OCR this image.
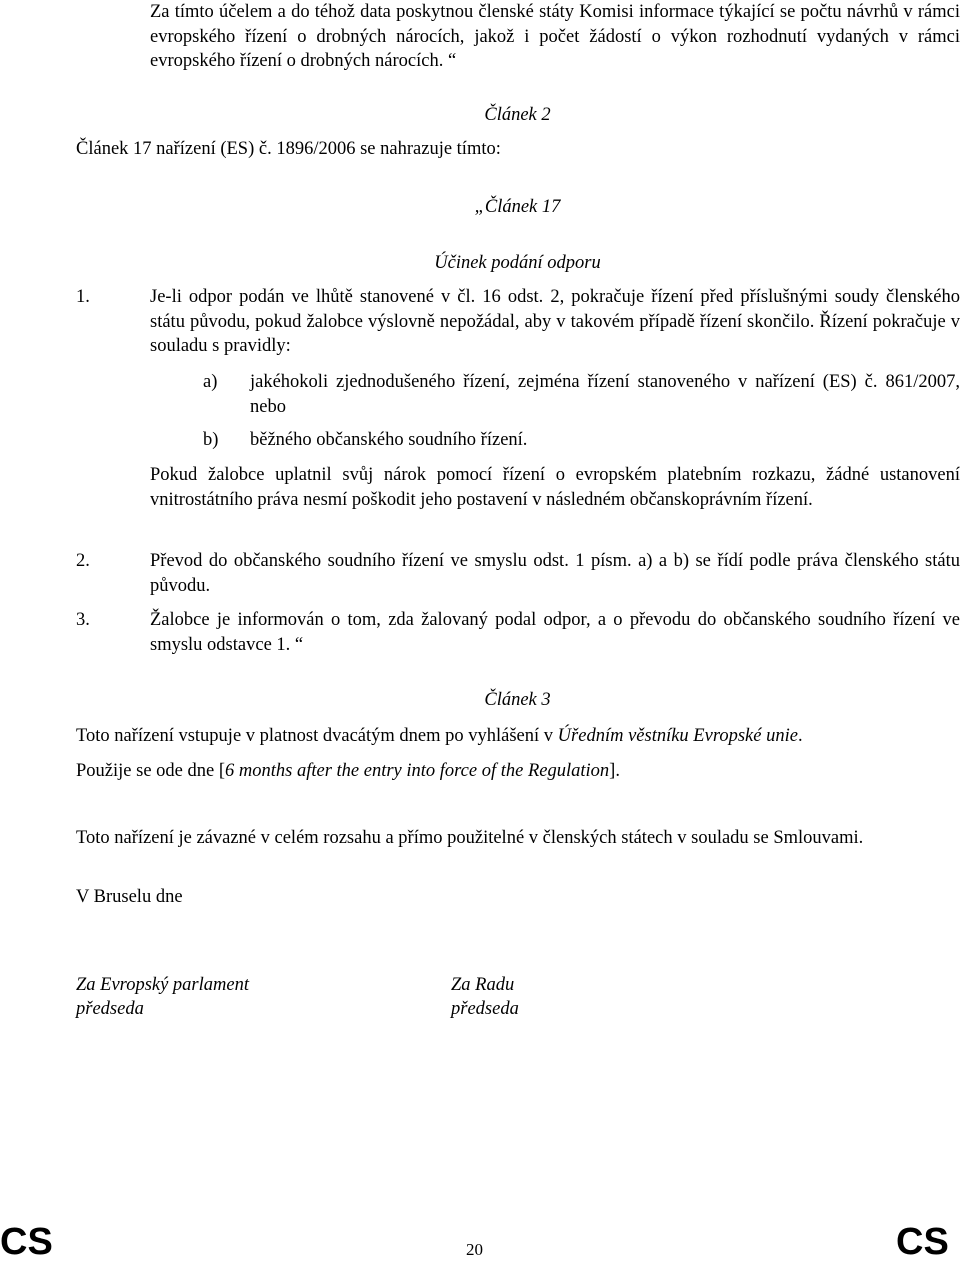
Za tímto účelem a do téhož data poskytnou členské státy Komisi informace týkající se počtu návrhů v rámci evropského řízení o drobných nárocích, jakož i počet žádostí o výkon rozhodnutí vydaných v rámci evropského řízení o drobných nárocích. “
Článek 2
Článek 17 nařízení (ES) č. 1896/2006 se nahrazuje tímto:
„Článek 17
Účinek podání odporu
1.	Je-li odpor podán ve lhůtě stanovené v čl. 16 odst. 2, pokračuje řízení před příslušnými soudy členského státu původu, pokud žalobce výslovně nepožádal, aby v takovém případě řízení skončilo. Řízení pokračuje v souladu s pravidly:
a) jakéhokoli zjednodušeného řízení, zejména řízení stanoveného v nařízení (ES) č. 861/2007, nebo
b) běžného občanského soudního řízení.
Pokud žalobce uplatnil svůj nárok pomocí řízení o evropském platebním rozkazu, žádné ustanovení vnitrostátního práva nesmí poškodit jeho postavení v následném občanskoprávním řízení.
2.	Převod do občanského soudního řízení ve smyslu odst. 1 písm. a) a b) se řídí podle práva členského státu původu.
3.	Žalobce je informován o tom, zda žalovaný podal odpor, a o převodu do občanského soudního řízení ve smyslu odstavce 1. “
Článek 3
Toto nařízení vstupuje v platnost dvacátým dnem po vyhlášení v Úředním věstníku Evropské unie.
Použije se ode dne [6 months after the entry into force of the Regulation].
Toto nařízení je závazné v celém rozsahu a přímo použitelné v členských státech v souladu se Smlouvami.
V Bruselu dne
Za Evropský parlament
předseda
Za Radu
předseda
CS	20	CS
